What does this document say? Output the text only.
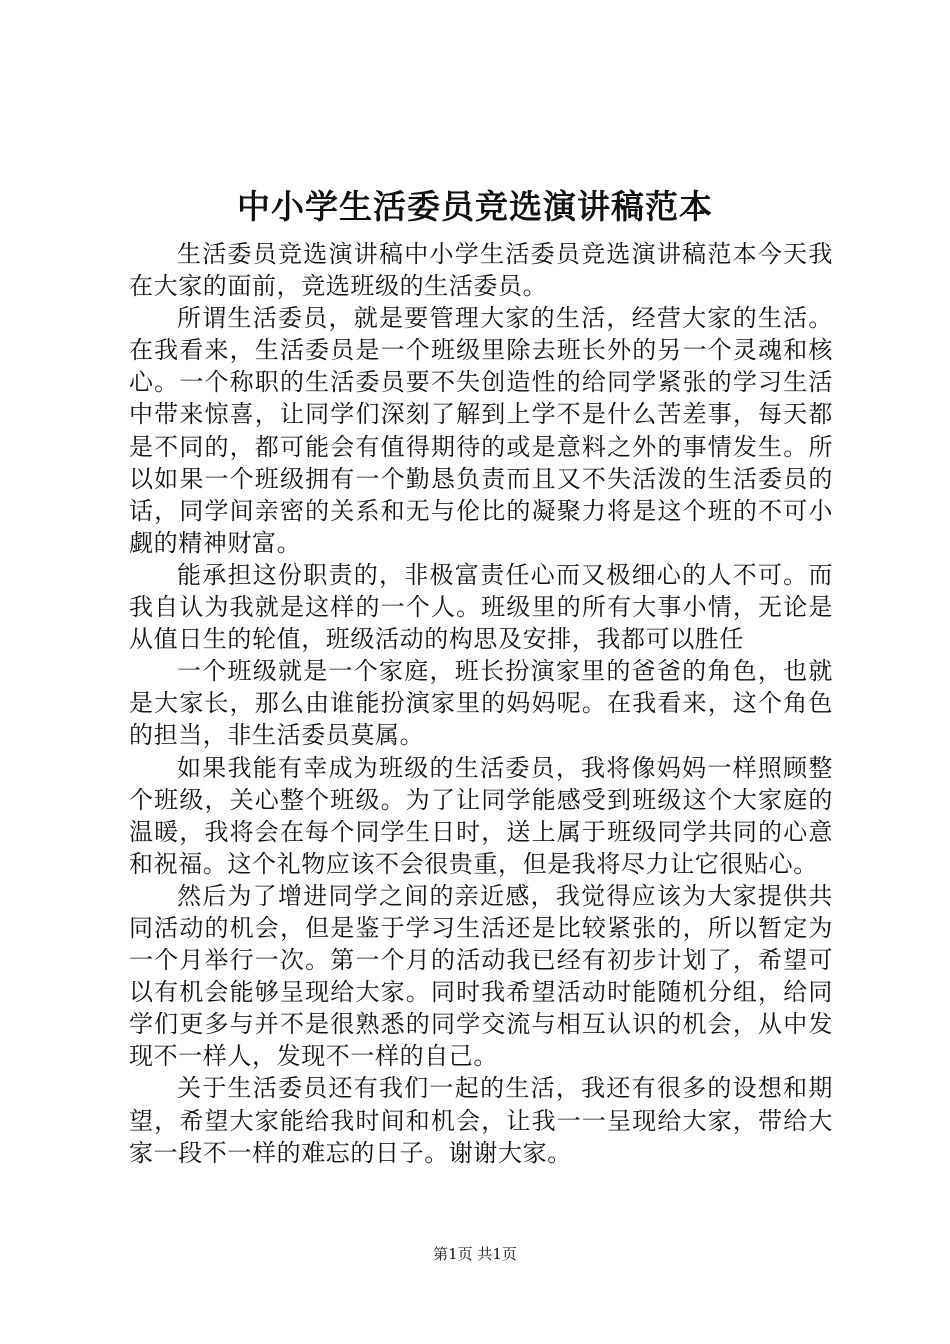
中小学生活委员竞选演讲稿范本

生活委员竞选演讲稿中小学生活委员竞选演讲稿范本今天我在大家的面前，竞选班级的生活委员。

所谓生活委员，就是要管理大家的生活，经营大家的生活。在我看来，生活委员是一个班级里除去班长外的另一个灵魂和核心。一个称职的生活委员要不失创造性的给同学紧张的学习生活中带来惊喜，让同学们深刻了解到上学不是什么苦差事，每天都是不同的，都可能会有值得期待的或是意料之外的事情发生。所以如果一个班级拥有一个勤恳负责而且又不失活泼的生活委员的话，同学间亲密的关系和无与伦比的凝聚力将是这个班的不可小觑的精神财富。

能承担这份职责的，非极富责任心而又极细心的人不可。而我自认为我就是这样的一个人。班级里的所有大事小情，无论是从值日生的轮值，班级活动的构思及安排，我都可以胜任

一个班级就是一个家庭，班长扮演家里的爸爸的角色，也就是大家长，那么由谁能扮演家里的妈妈呢。在我看来，这个角色的担当，非生活委员莫属。

如果我能有幸成为班级的生活委员，我将像妈妈一样照顾整个班级，关心整个班级。为了让同学能感受到班级这个大家庭的温暖，我将会在每个同学生日时，送上属于班级同学共同的心意和祝福。这个礼物应该不会很贵重，但是我将尽力让它很贴心。

然后为了增进同学之间的亲近感，我觉得应该为大家提供共同活动的机会，但是鉴于学习生活还是比较紧张的，所以暂定为一个月举行一次。第一个月的活动我已经有初步计划了，希望可以有机会能够呈现给大家。同时我希望活动时能随机分组，给同学们更多与并不是很熟悉的同学交流与相互认识的机会，从中发现不一样人，发现不一样的自己。

关于生活委员还有我们一起的生活，我还有很多的设想和期望，希望大家能给我时间和机会，让我一一呈现给大家，带给大家一段不一样的难忘的日子。谢谢大家。

第1页 共1页
